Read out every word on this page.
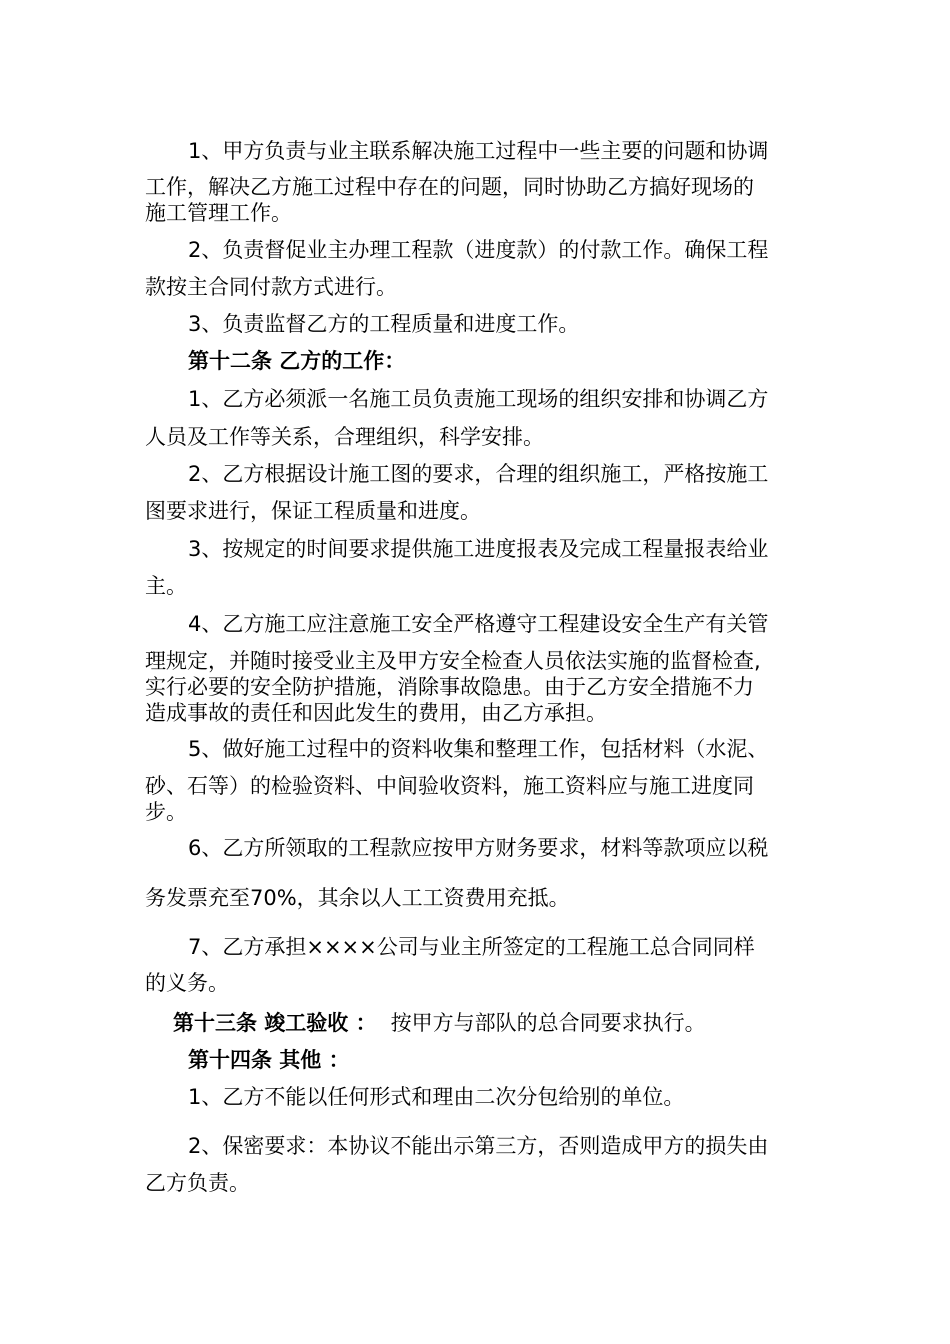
1、甲方负责与业主联系解决施工过程中一些主要的问题和协调
工作，解决乙方施工过程中存在的问题，同时协助乙方搞好现场的
施工管理工作。
2、负责督促业主办理工程款（进度款）的付款工作。确保工程
款按主合同付款方式进行。
3、负责监督乙方的工程质量和进度工作。
第十二条 乙方的工作：
1、乙方必须派一名施工员负责施工现场的组织安排和协调乙方
人员及工作等关系，合理组织，科学安排。
2、乙方根据设计施工图的要求，合理的组织施工，严格按施工
图要求进行，保证工程质量和进度。
3、按规定的时间要求提供施工进度报表及完成工程量报表给业
主。
4、乙方施工应注意施工安全严格遵守工程建设安全生产有关管
理规定，并随时接受业主及甲方安全检查人员依法实施的监督检查,
实行必要的安全防护措施，消除事故隐患。由于乙方安全措施不力
造成事故的责任和因此发生的费用，由乙方承担。
5、做好施工过程中的资料收集和整理工作，包括材料（水泥、
砂、石等）的检验资料、中间验收资料，施工资料应与施工进度同
步。
6、乙方所领取的工程款应按甲方财务要求，材料等款项应以税
务发票充至70%，其余以人工工资费用充抵。
7、乙方承担××××公司与业主所签定的工程施工总合同同样
的义务。
第十三条 竣工验收 ： 按甲方与部队的总合同要求执行。
第十四条 其他 ：
1、乙方不能以任何形式和理由二次分包给别的单位。
2、保密要求：本协议不能出示第三方，否则造成甲方的损失由
乙方负责。
